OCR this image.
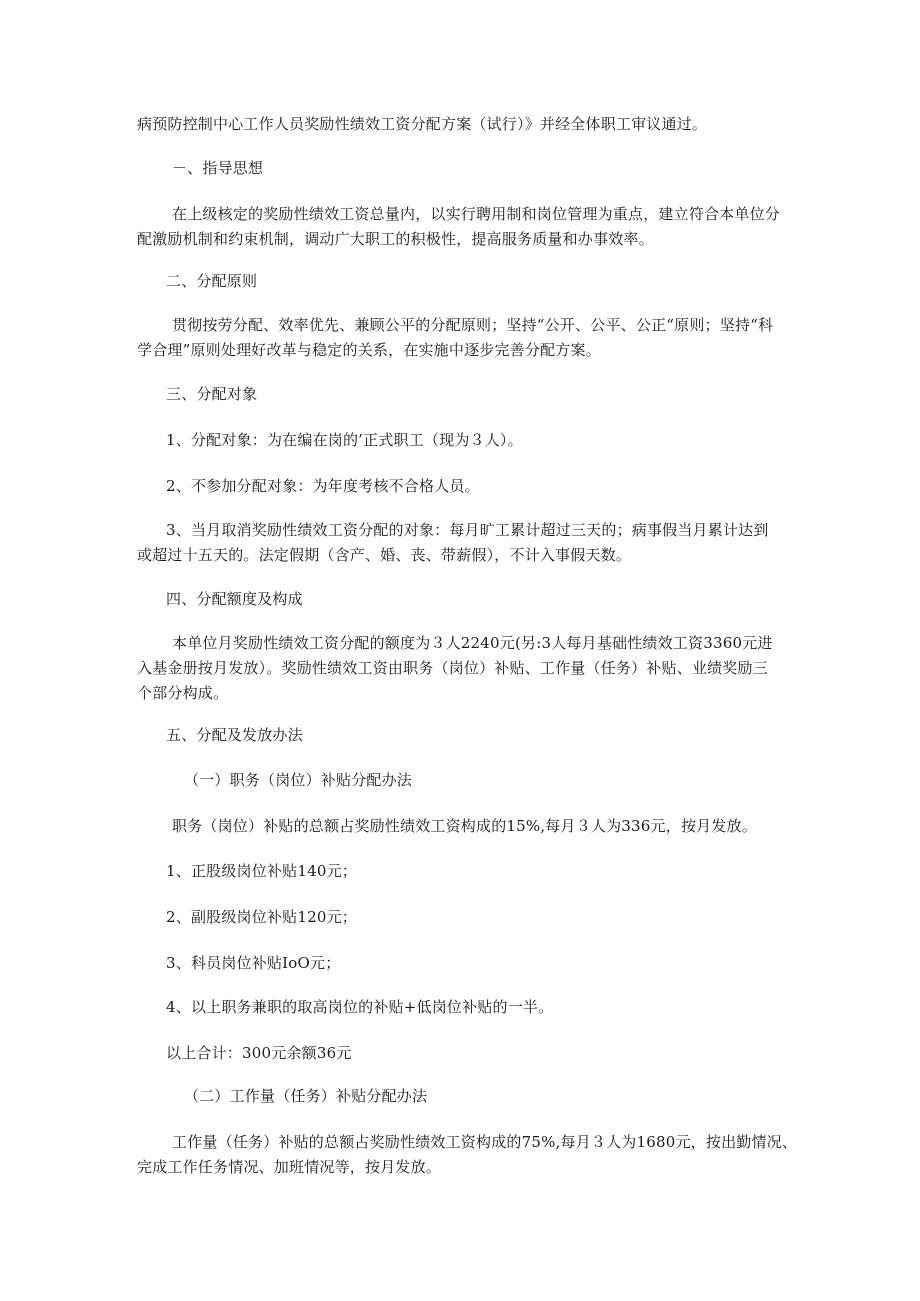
病预防控制中心工作人员奖励性绩效工资分配方案（试行）》并经全体职工审议通过。
－、指导思想
在上级核定的奖励性绩效工资总量内，以实行聘用制和岗位管理为重点，建立符合本单位分
配激励机制和约束机制，调动广大职工的积极性，提高服务质量和办事效率。
二、分配原则
贯彻按劳分配、效率优先、兼顾公平的分配原则；坚持“公开、公平、公正“原则；坚持“科
学合理”原则处理好改革与稳定的关系，在实施中逐步完善分配方案。
三、分配对象
1、分配对象：为在编在岗的’正式职工（现为３人）。
2、不参加分配对象：为年度考核不合格人员。
3、当月取消奖励性绩效工资分配的对象：每月旷工累计超过三天的；病事假当月累计达到
或超过十五天的。法定假期（含产、婚、丧、带薪假），不计入事假天数。
四、分配额度及构成
本单位月奖励性绩效工资分配的额度为３人2240元(另:3人每月基础性绩效工资3360元进
入基金册按月发放）。奖励性绩效工资由职务（岗位）补贴、工作量（任务）补贴、业绩奖励三
个部分构成。
五、分配及发放办法
（一）职务（岗位）补贴分配办法
职务（岗位）补贴的总额占奖励性绩效工资构成的15%,每月３人为336元，按月发放。
1、正股级岗位补贴140元；
2、副股级岗位补贴120元；
3、科员岗位补贴IoO元；
4、以上职务兼职的取高岗位的补贴+低岗位补贴的一半。
以上合计：300元余额36元
（二）工作量（任务）补贴分配办法
工作量（任务）补贴的总额占奖励性绩效工资构成的75%,每月３人为1680元，按出勤情况、
完成工作任务情况、加班情况等，按月发放。
